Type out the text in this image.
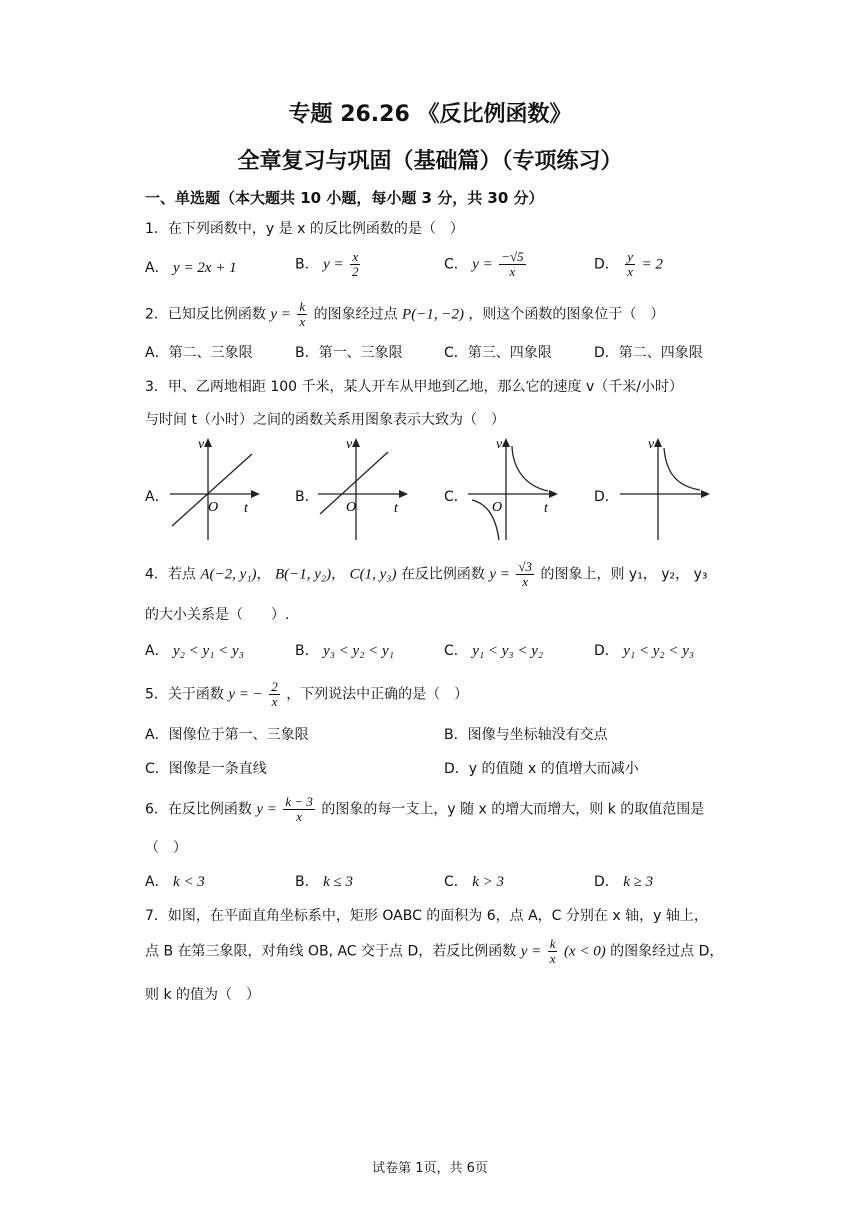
专题 26.26 《反比例函数》
全章复习与巩固（基础篇）（专项练习）
一、单选题（本大题共 10 小题，每小题 3 分，共 30 分）
1．在下列函数中，y 是 x 的反比例函数的是（　）
A． y = 2x + 1	B． $y = \frac{x}{2}$	C． $y = \frac{-√5}{x}$	D． $\frac{y}{x} = 2$
2．已知反比例函数 $y = \frac{k}{x}$ 的图象经过点 P(−1, −2) ，则这个函数的图象位于（　）
A．第二、三象限	B．第一、三象限	C．第三、四象限	D．第二、四象限
3．甲、乙两地相距 100 千米，某人开车从甲地到乙地，那么它的速度 v（千米/小时）
与时间 t（小时）之间的函数关系用图象表示大致为（　）
A．
v
O t
B．
v
O	t
C．
v
O	t
D．
v
4．若点 A(−2, y₁)， B(−1, y₂)， C(1, y₃) 在反比例函数 $y = \frac{√3}{x}$ 的图象上，则 y₁， y₂， y₃
的大小关系是（　　）.
A． y₂ < y₁ < y₃	B． y₃ < y₂ < y₁	C． y₁ < y₃ < y₂	D． y₁ < y₂ < y₃
5．关于函数 y = − $\frac{2}{x}$ ，下列说法中正确的是（　）
A．图像位于第一、三象限	B．图像与坐标轴没有交点
C．图像是一条直线	D．y 的值随 x 的值增大而减小
6．在反比例函数 $y = \frac{k - 3}{x}$ 的图象的每一支上，y 随 x 的增大而增大，则 k 的取值范围是
（　）
A． k < 3	B． k ≤ 3	C． k > 3	D． k ≥ 3
7．如图，在平面直角坐标系中，矩形 OABC 的面积为 6，点 A，C 分别在 x 轴，y 轴上，
点 B 在第三象限，对角线 OB, AC 交于点 D，若反比例函数 $y = \frac{k}{x} (x < 0)$ 的图象经过点 D，
则 k 的值为（　）
试卷第 1页，共 6页
